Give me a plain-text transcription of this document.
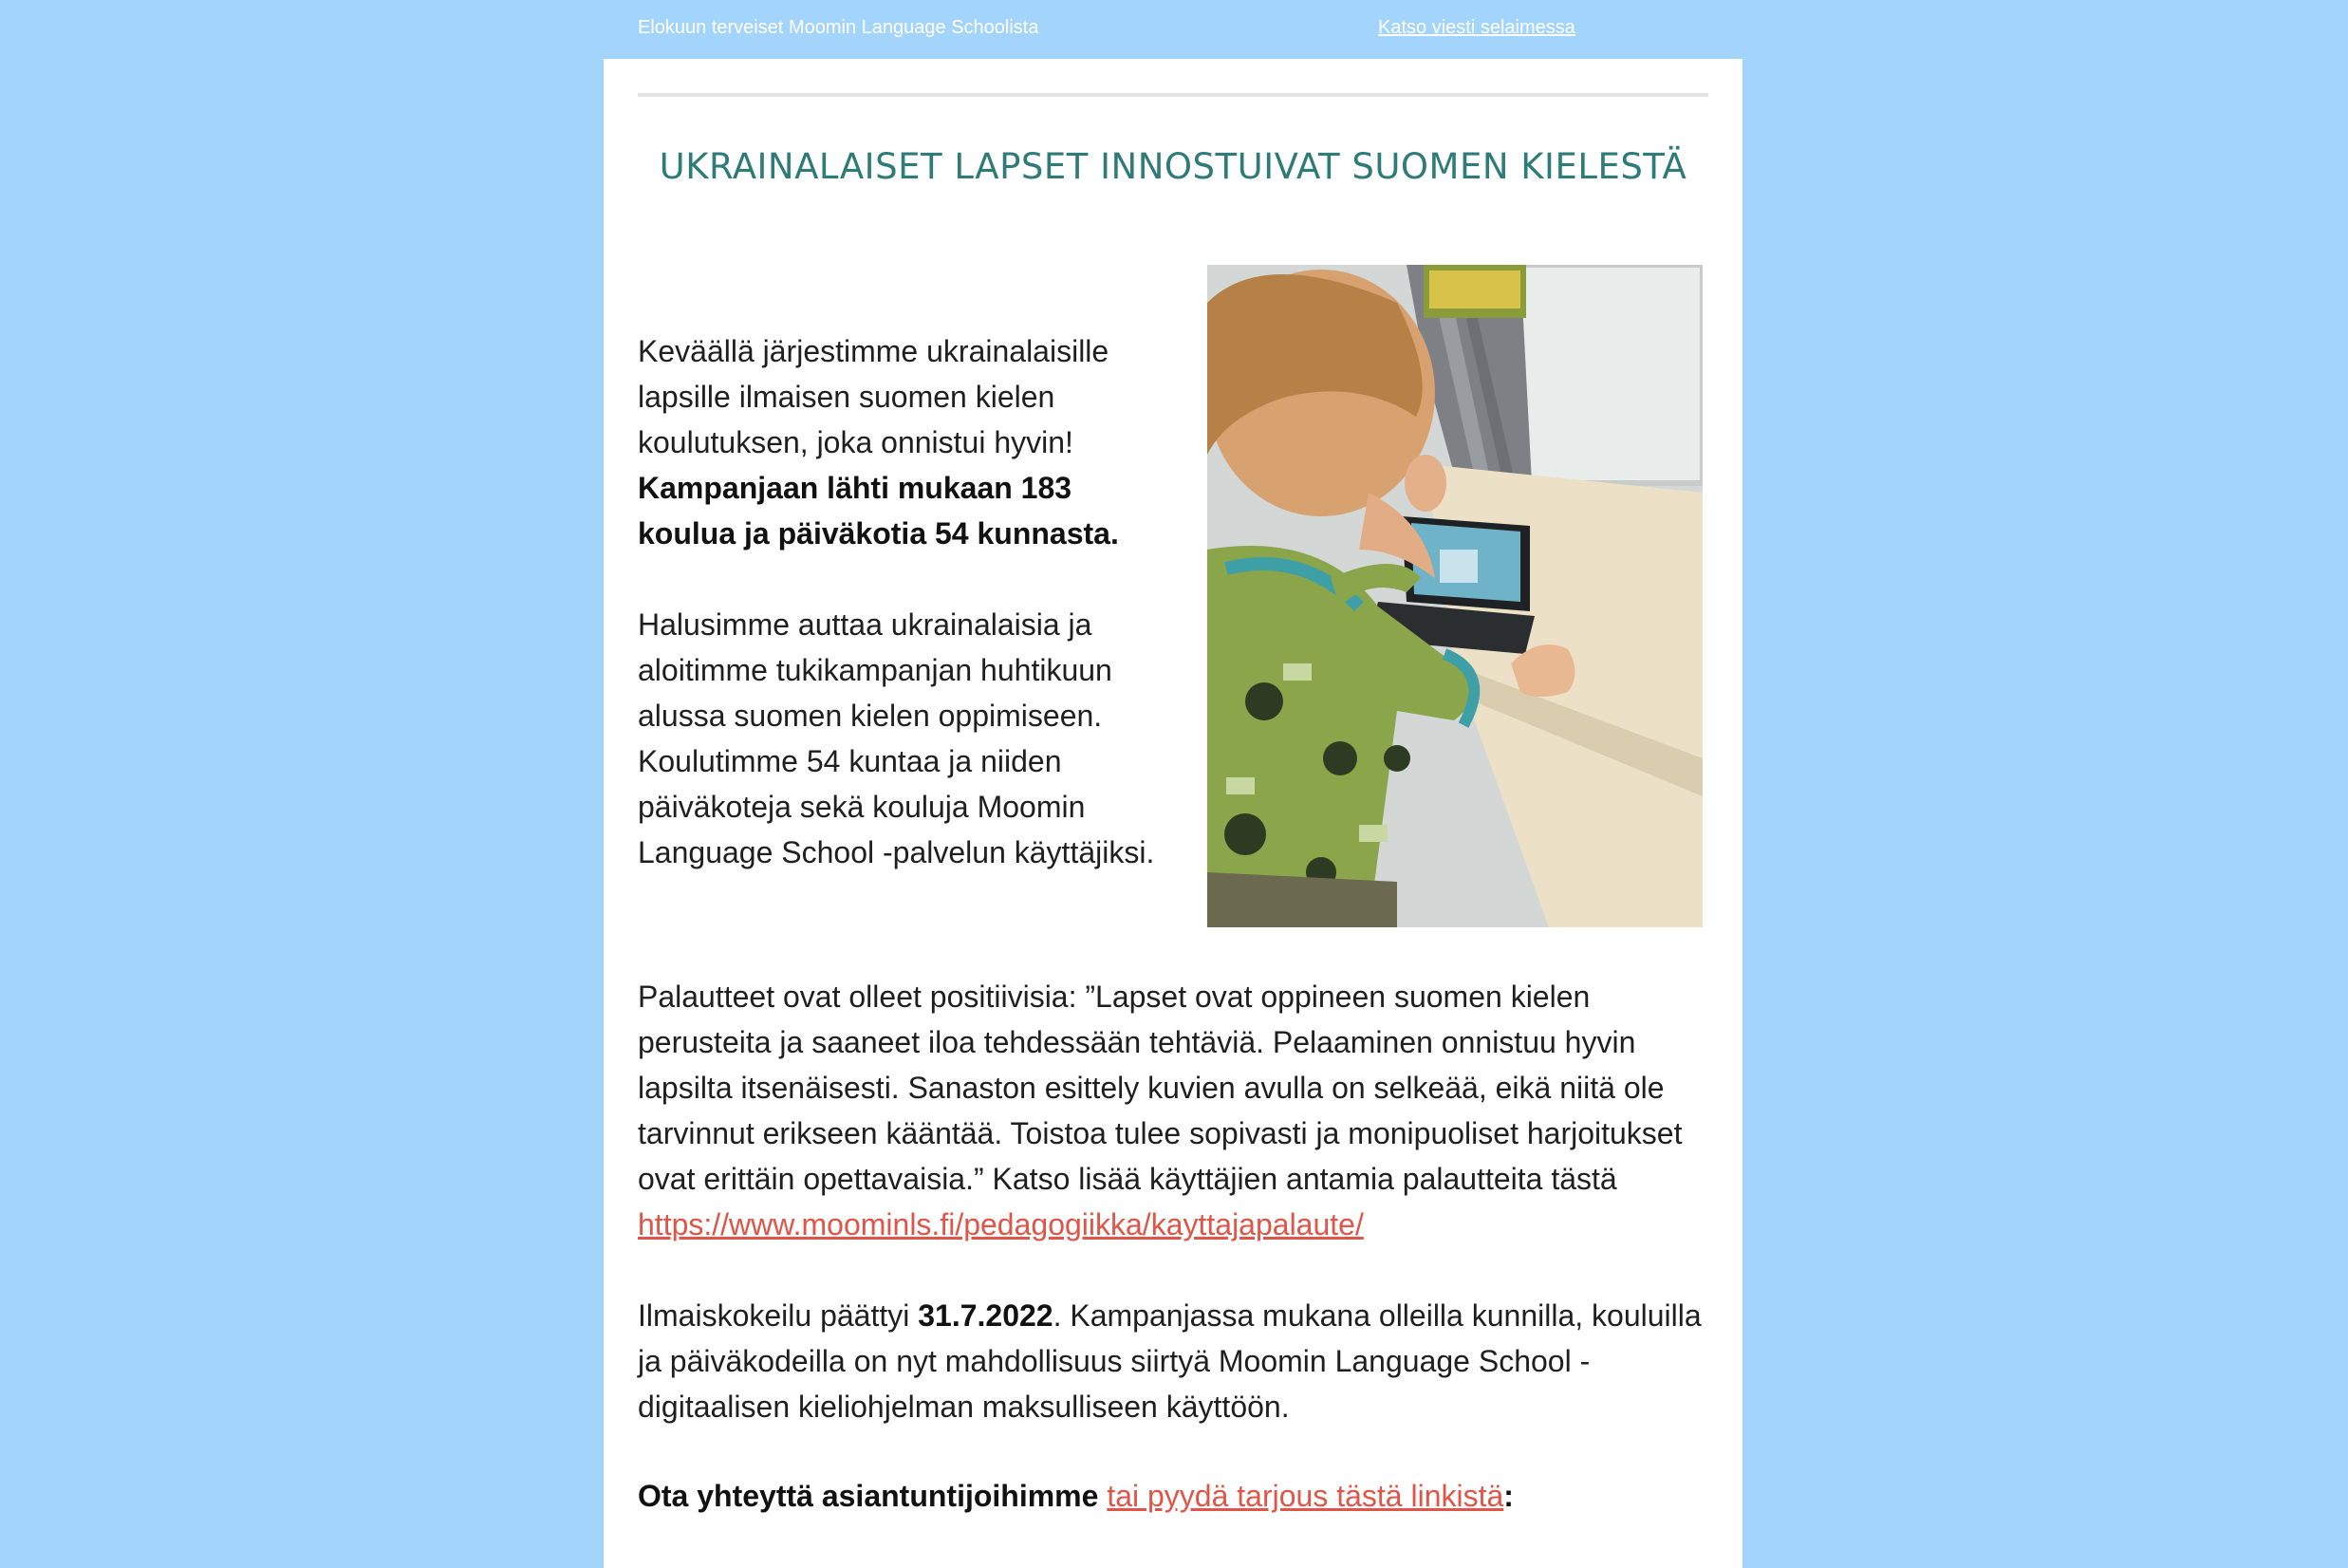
Elokuun terveiset Moomin Language Schoolista	Katso viesti selaimessa
UKRAINALAISET LAPSET INNOSTUIVAT SUOMEN KIELESTÄ

Keväällä järjestimme ukrainalaisille lapsille ilmaisen suomen kielen koulutuksen, joka onnistui hyvin! Kampanjaan lähti mukaan 183 koulua ja päiväkotia 54 kunnasta.

Halusimme auttaa ukrainalaisia ja aloitimme tukikampanjan huhtikuun alussa suomen kielen oppimiseen. Koulutimme 54 kuntaa ja niiden päiväkoteja sekä kouluja Moomin Language School -palvelun käyttäjiksi.

Palautteet ovat olleet positiivisia: ”Lapset ovat oppineen suomen kielen perusteita ja saaneet iloa tehdessään tehtäviä. Pelaaminen onnistuu hyvin lapsilta itsenäisesti. Sanaston esittely kuvien avulla on selkeää, eikä niitä ole tarvinnut erikseen kääntää. Toistoa tulee sopivasti ja monipuoliset harjoitukset ovat erittäin opettavaisia.” Katso lisää käyttäjien antamia palautteita tästä https://www.moominls.fi/pedagogiikka/kayttajapalaute/

Ilmaiskokeilu päättyi 31.7.2022. Kampanjassa mukana olleilla kunnilla, kouluilla ja päiväkodeilla on nyt mahdollisuus siirtyä Moomin Language School -digitaalisen kieliohjelman maksulliseen käyttöön.

Ota yhteyttä asiantuntijoihimme tai pyydä tarjous tästä linkistä:
